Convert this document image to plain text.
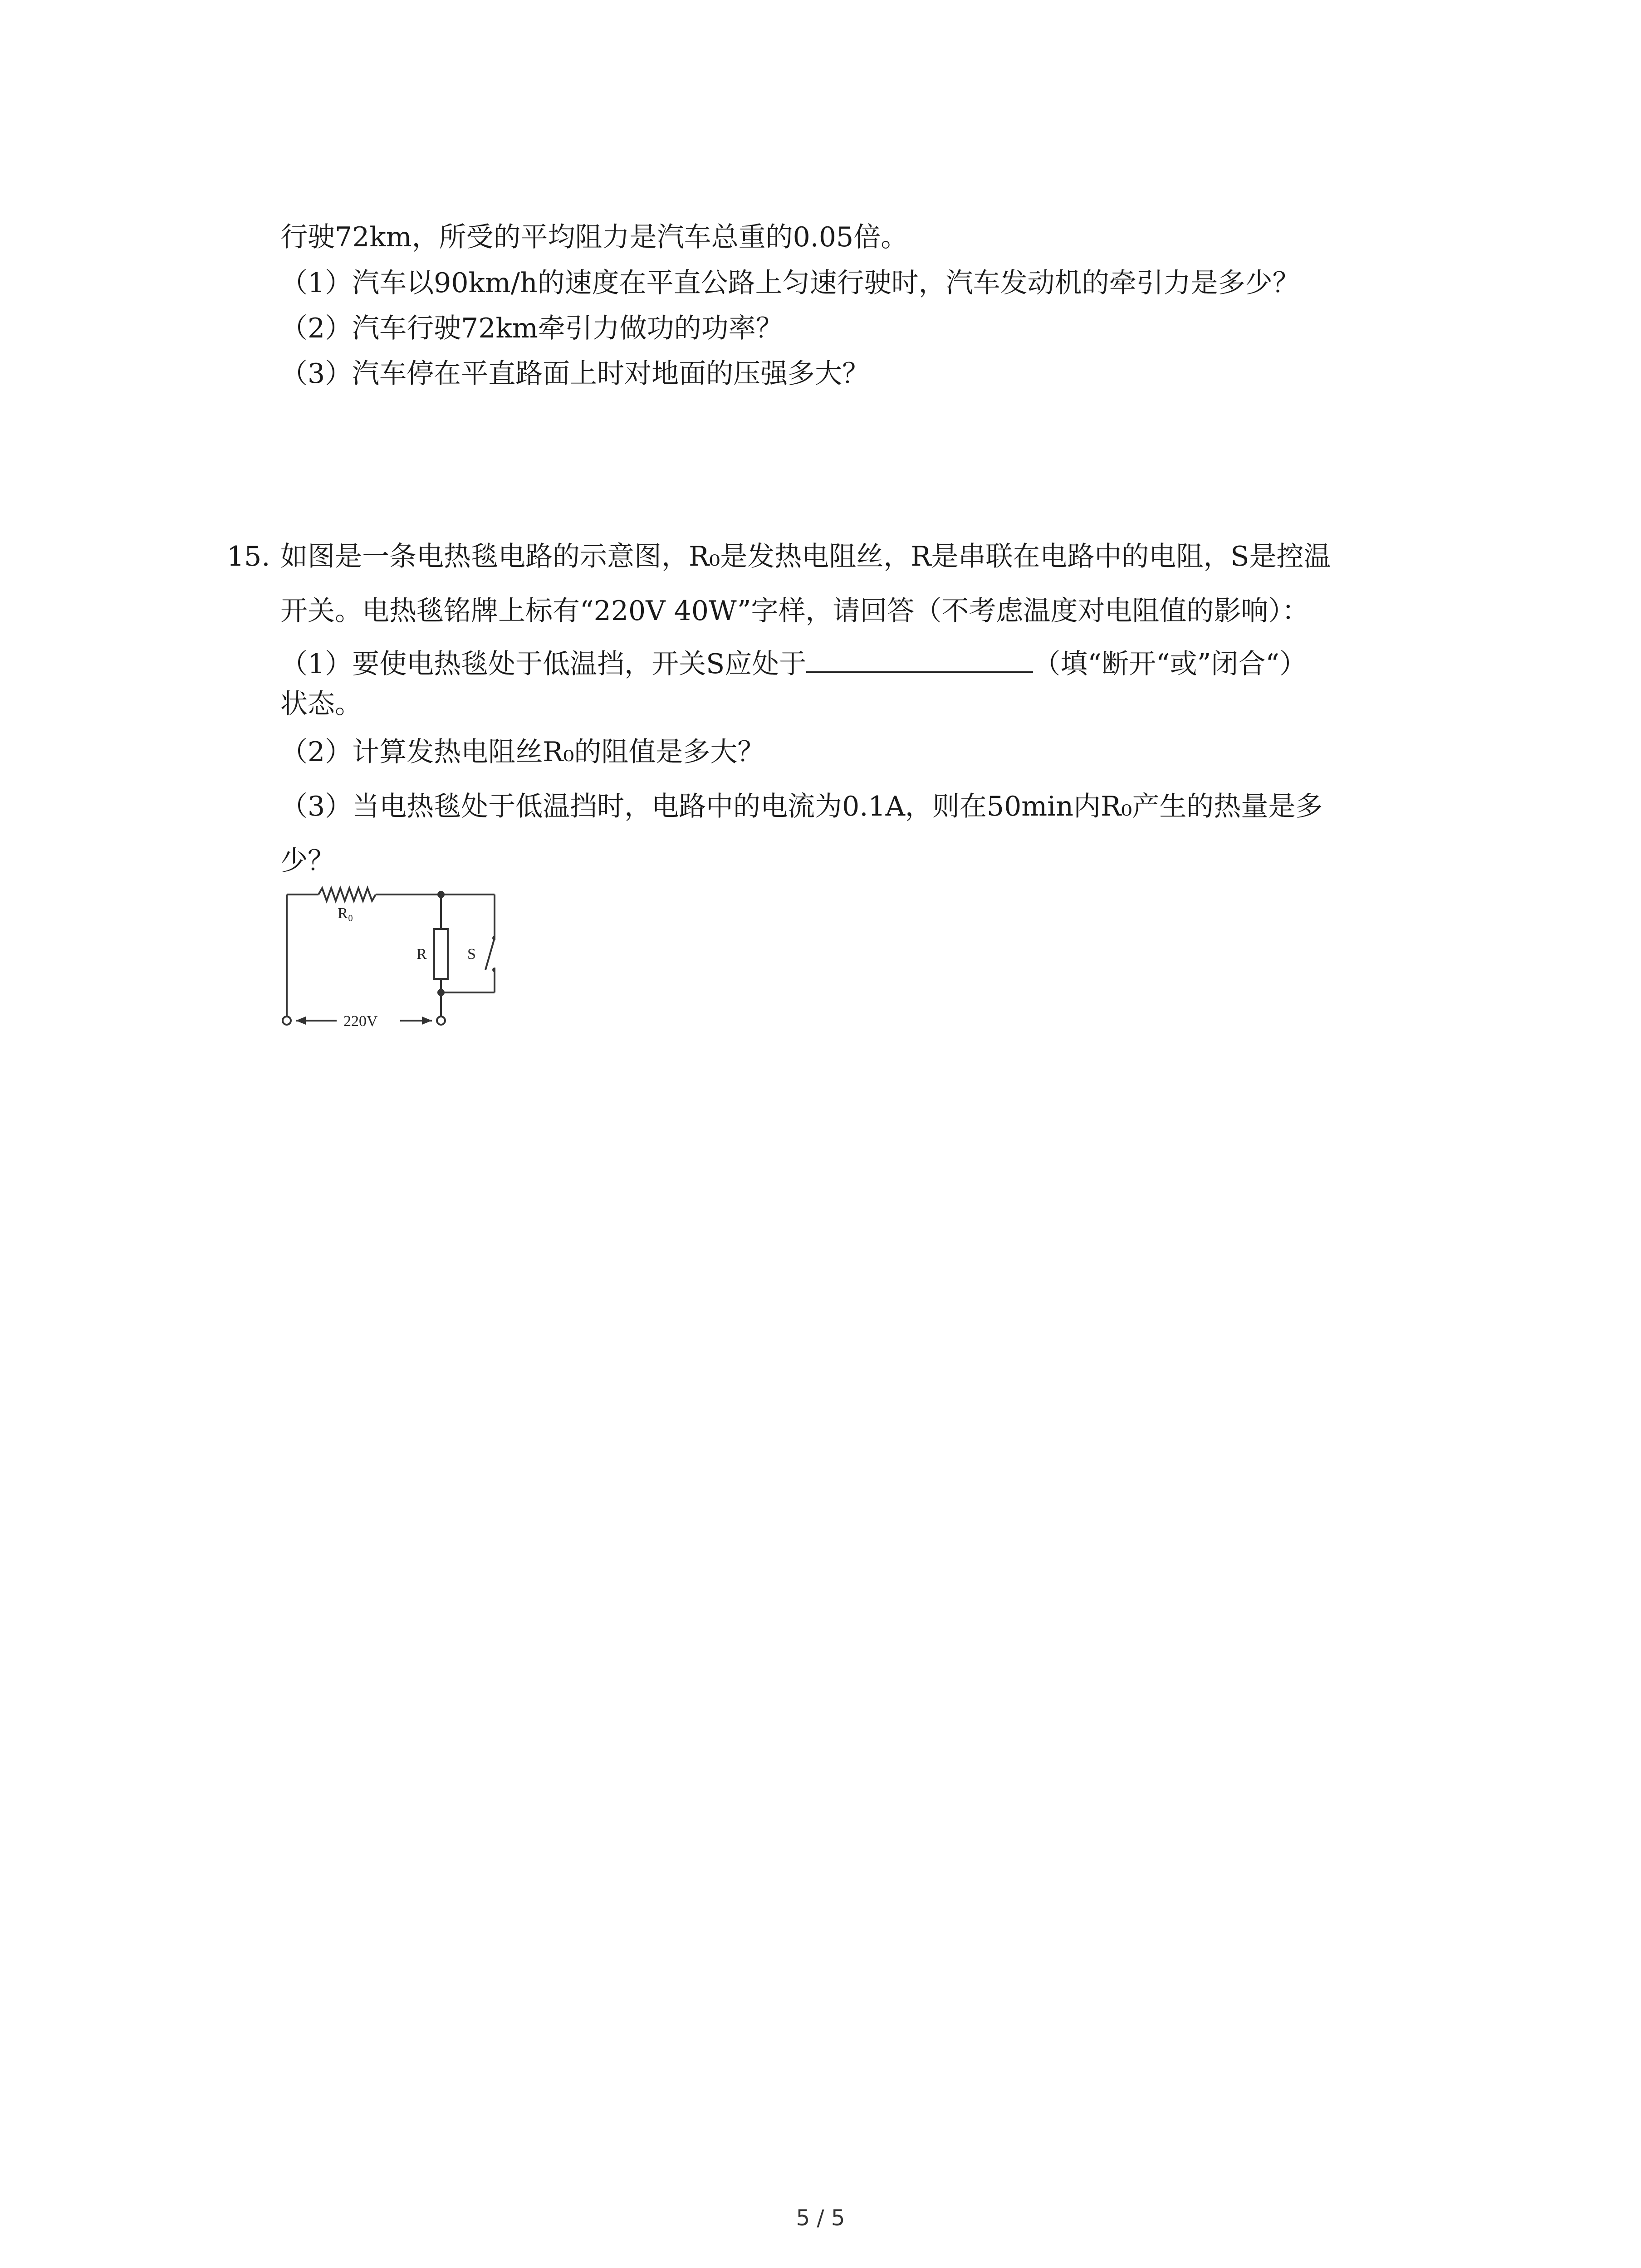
行驶72km，所受的平均阻力是汽车总重的0.05倍。
（1）汽车以90km/h的速度在平直公路上匀速行驶时，汽车发动机的牵引力是多少？
（2）汽车行驶72km牵引力做功的功率？
（3）汽车停在平直路面上时对地面的压强多大？
15. 如图是一条电热毯电路的示意图，R₀是发热电阻丝，R是串联在电路中的电阻，S是控温
开关。电热毯铭牌上标有“220V 40W”字样，请回答（不考虑温度对电阻值的影响）：
（1）要使电热毯处于低温挡，开关S应处于	（填“断开“或”闭合“）
状态。
（2）计算发热电阻丝R₀的阻值是多大？
（3）当电热毯处于低温挡时，电路中的电流为0.1A，则在50min内R₀产生的热量是多
少？
R₀
R	S
220V
5 / 5
